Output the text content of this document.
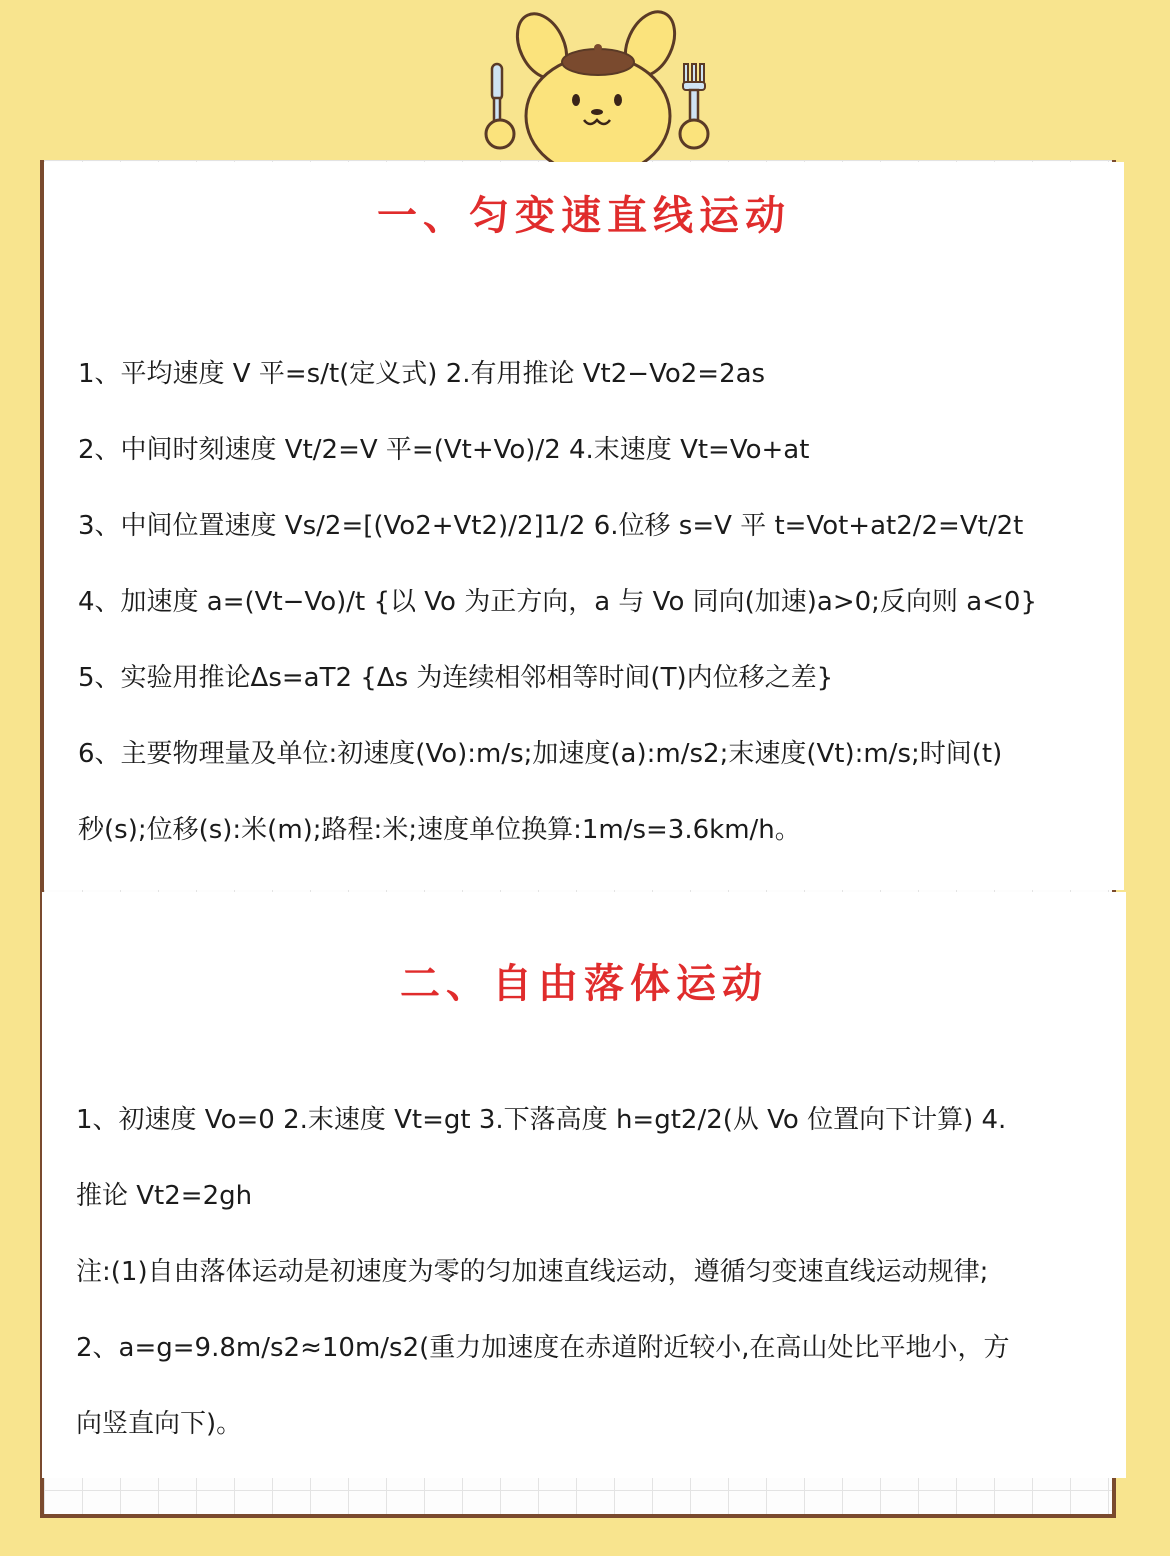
一、匀变速直线运动
1、平均速度 V 平=s/t(定义式) 2.有用推论 Vt2−Vo2=2as
2、中间时刻速度 Vt/2=V 平=(Vt+Vo)/2 4.末速度 Vt=Vo+at
3、中间位置速度 Vs/2=[(Vo2+Vt2)/2]1/2 6.位移 s=V 平 t=Vot+at2/2=Vt/2t
4、加速度 a=(Vt−Vo)/t {以 Vo 为正方向，a 与 Vo 同向(加速)a>0;反向则 a<0}
5、实验用推论Δs=aT2 {Δs 为连续相邻相等时间(T)内位移之差}
6、主要物理量及单位:初速度(Vo):m/s;加速度(a):m/s2;末速度(Vt):m/s;时间(t)
秒(s);位移(s):米(m);路程:米;速度单位换算:1m/s=3.6km/h。
二、自由落体运动
1、初速度 Vo=0 2.末速度 Vt=gt 3.下落高度 h=gt2/2(从 Vo 位置向下计算) 4.
推论 Vt2=2gh
注:(1)自由落体运动是初速度为零的匀加速直线运动，遵循匀变速直线运动规律;
2、a=g=9.8m/s2≈10m/s2(重力加速度在赤道附近较小,在高山处比平地小，方
向竖直向下)。
